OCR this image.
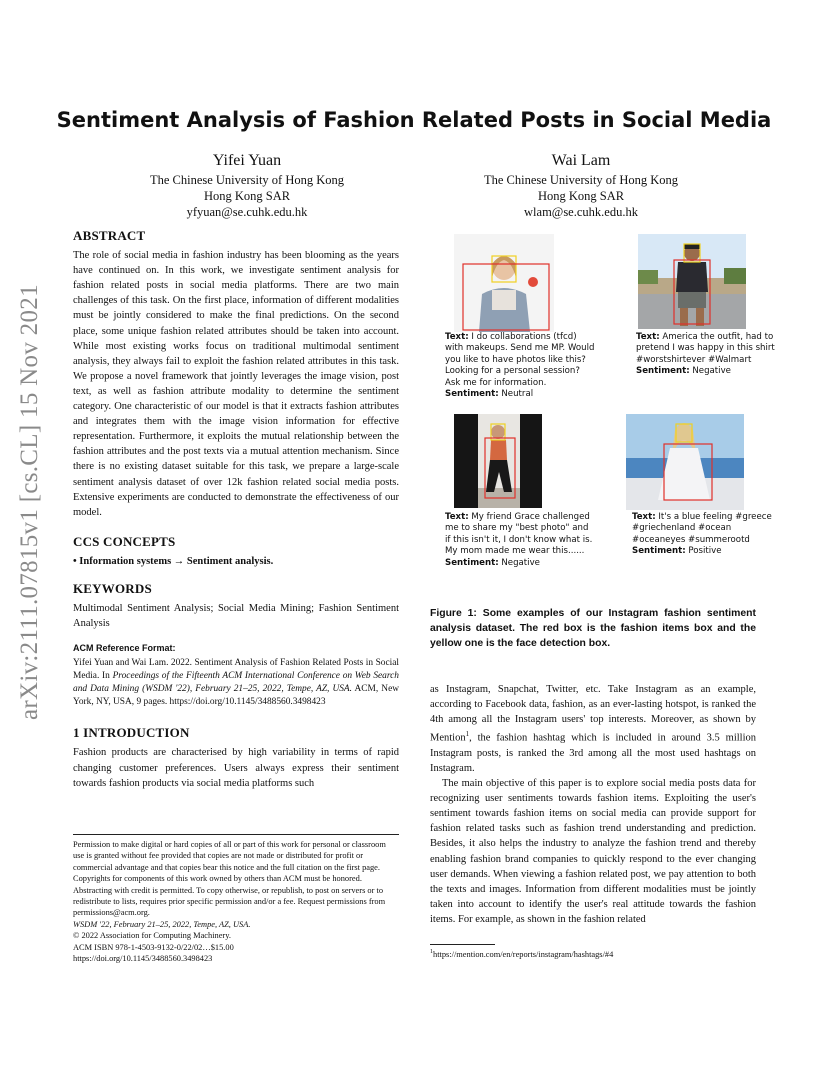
arXiv:2111.07815v1 [cs.CL] 15 Nov 2021
Sentiment Analysis of Fashion Related Posts in Social Media
Yifei Yuan
The Chinese University of Hong Kong
Hong Kong SAR
yfyuan@se.cuhk.edu.hk
Wai Lam
The Chinese University of Hong Kong
Hong Kong SAR
wlam@se.cuhk.edu.hk
ABSTRACT

The role of social media in fashion industry has been blooming as the years have continued on. In this work, we investigate sentiment analysis for fashion related posts in social media platforms. There are two main challenges of this task. On the first place, information of different modalities must be jointly considered to make the final predictions. On the second place, some unique fashion related attributes should be taken into account. While most existing works focus on traditional multimodal sentiment analysis, they always fail to exploit the fashion related attributes in this task. We propose a novel framework that jointly leverages the image vision, post text, as well as fashion attribute modality to determine the sentiment category. One characteristic of our model is that it extracts fashion attributes and integrates them with the image vision information for effective representation. Furthermore, it exploits the mutual relationship between the fashion attributes and the post texts via a mutual attention mechanism. Since there is no existing dataset suitable for this task, we prepare a large-scale sentiment analysis dataset of over 12k fashion related social media posts. Extensive experiments are conducted to demonstrate the effectiveness of our model.

CCS CONCEPTS

• Information systems → Sentiment analysis.

KEYWORDS

Multimodal Sentiment Analysis; Social Media Mining; Fashion Sentiment Analysis

ACM Reference Format:
Yifei Yuan and Wai Lam. 2022. Sentiment Analysis of Fashion Related Posts in Social Media. In Proceedings of the Fifteenth ACM International Conference on Web Search and Data Mining (WSDM '22), February 21–25, 2022, Tempe, AZ, USA. ACM, New York, NY, USA, 9 pages. https://doi.org/10.1145/3488560.3498423
1 INTRODUCTION

Fashion products are characterised by high variability in terms of rapid changing customer preferences. Users always express their sentiment towards fashion products via social media platforms such

Permission to make digital or hard copies of all or part of this work for personal or classroom use is granted without fee provided that copies are not made or distributed for profit or commercial advantage and that copies bear this notice and the full citation on the first page. Copyrights for components of this work owned by others than ACM must be honored. Abstracting with credit is permitted. To copy otherwise, or republish, to post on servers or to redistribute to lists, requires prior specific permission and/or a fee. Request permissions from permissions@acm.org.
WSDM '22, February 21–25, 2022, Tempe, AZ, USA.
© 2022 Association for Computing Machinery.
ACM ISBN 978-1-4503-9132-0/22/02…$15.00
https://doi.org/10.1145/3488560.3498423
Text: I do collaborations (tfcd) with makeups. Send me MP. Would you like to have photos like this? Looking for a personal session? Ask me for information.
Sentiment: Neutral
Text: America the outfit, had to pretend I was happy in this shirt #worstshirtever #Walmart
Sentiment: Negative
Text: My friend Grace challenged me to share my "best photo" and if this isn't it, I don't know what is. My mom made me wear this......
Sentiment: Negative
Text: It's a blue feeling #greece #griechenland #ocean #oceaneyes #summerootd
Sentiment: Positive
Figure 1: Some examples of our Instagram fashion sentiment analysis dataset. The red box is the fashion items box and the yellow one is the face detection box.

as Instagram, Snapchat, Twitter, etc. Take Instagram as an example, according to Facebook data, fashion, as an ever-lasting hotspot, is ranked the 4th among all the Instagram users' top interests. Moreover, as shown by Mention$^1$, the fashion hashtag which is included in around 3.5 million Instagram posts, is ranked the 3rd among all the most used hashtags on Instagram.

The main objective of this paper is to explore social media posts data for recognizing user sentiments towards fashion items. Exploiting the user's sentiment towards fashion items on social media can provide support for fashion related tasks such as fashion trend understanding and prediction. Besides, it also helps the industry to analyze the fashion trend and thereby enabling fashion brand companies to quickly respond to the ever changing user demands. When viewing a fashion related post, we pay attention to both the texts and images. Information from different modalities must be jointly taken into account to identify the user's real attitude towards the fashion items. For example, as shown in the fashion related

$^1$https://mention.com/en/reports/instagram/hashtags/#4
